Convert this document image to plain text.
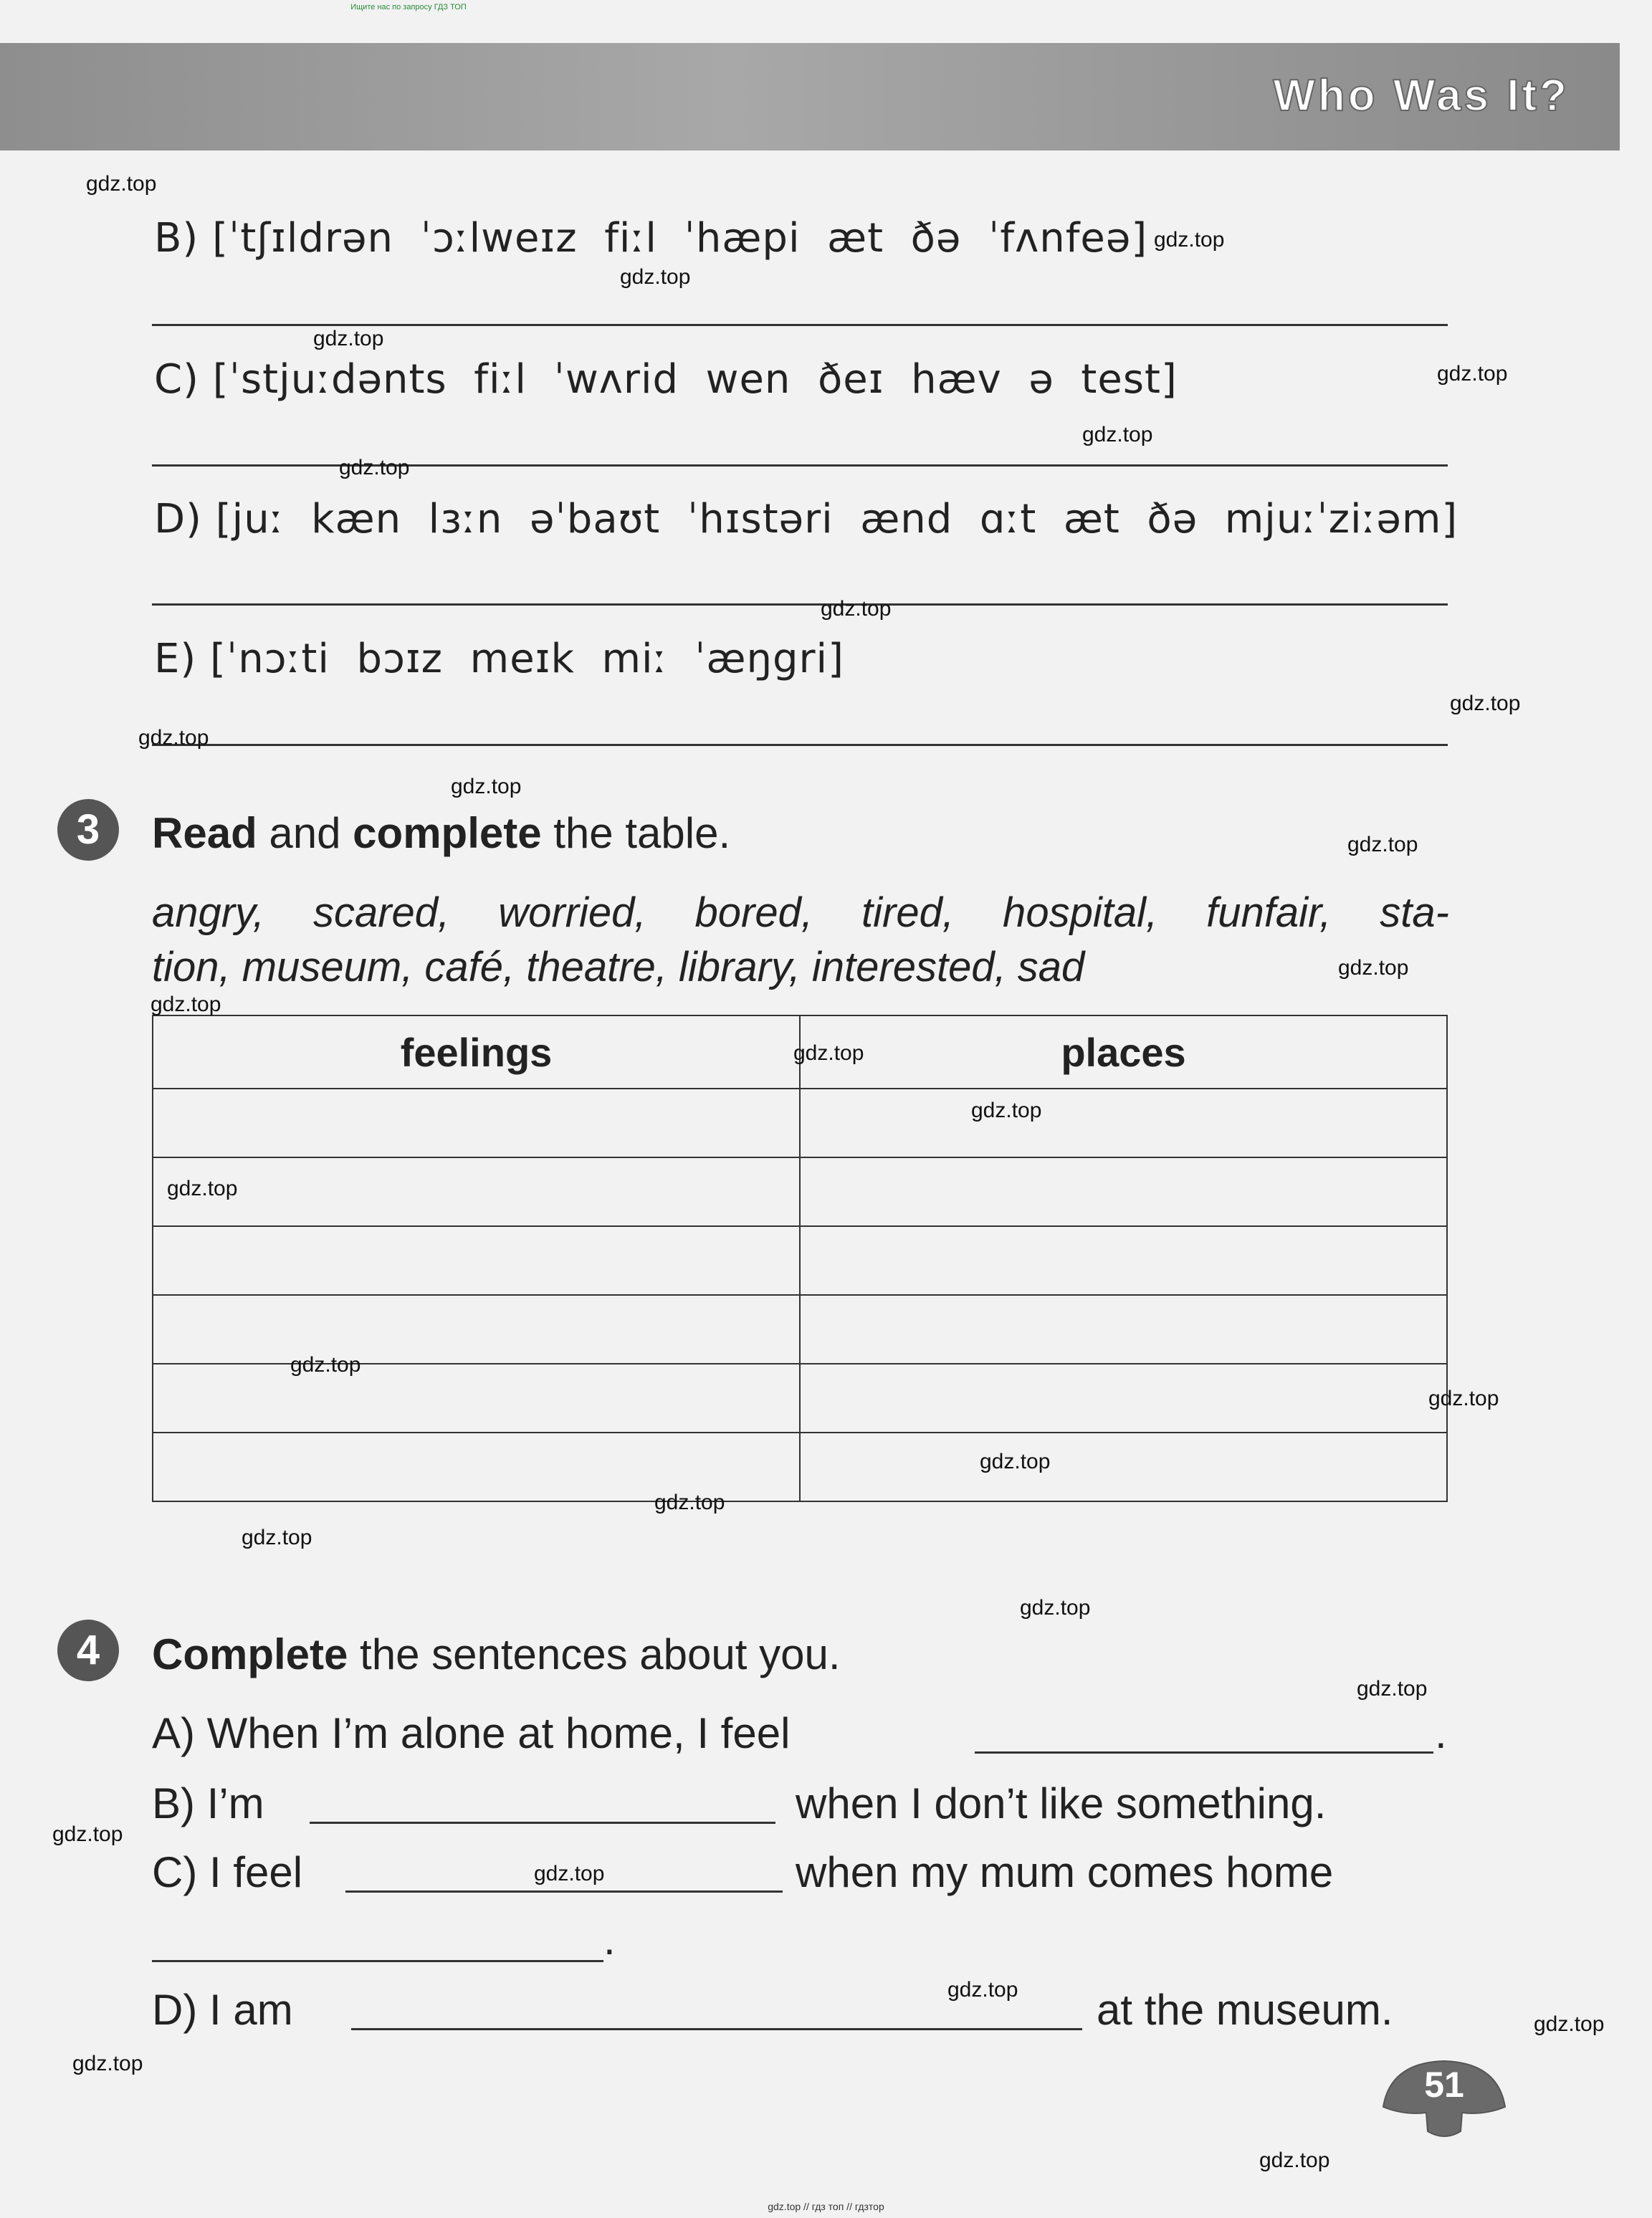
Ищите нас по запросу ГДЗ ТОП
Who Was It?
B) [ˈtʃɪldrən  ˈɔːlweɪz  fiːl  ˈhæpi  æt  ðə  ˈfʌnfeə]
C) [ˈstjuːdənts  fiːl  ˈwʌrid  wen  ðeɪ  hæv  ə  test]
D) [juː  kæn  lɜːn  əˈbaʊt  ˈhɪstəri  ænd  ɑːt  æt  ðə  mjuːˈziːəm]
E) [ˈnɔːti  bɔɪz  meɪk  miː  ˈæŋgri]
3	Read and complete the table.
angry, scared, worried, bored, tired, hospital, funfair, sta-
tion, museum, café, theatre, library, interested, sad
feelings	places

4	Complete the sentences about you.
A) When I’m alone at home, I feel	.
B) I’m	when I don’t like something.
C) I feel	when my mum comes home
.
D) I am	at the museum.
51
gdz.top
gdz.top
gdz.top
gdz.top
gdz.top
gdz.top
gdz.top
gdz.top
gdz.top
gdz.top
gdz.top
gdz.top
gdz.top
gdz.top
gdz.top
gdz.top
gdz.top
gdz.top
gdz.top
gdz.top
gdz.top
gdz.top
gdz.top
gdz.top
gdz.top
gdz.top
gdz.top
gdz.top
gdz.top
gdz.top
gdz.top // гдз топ // гдзтор
